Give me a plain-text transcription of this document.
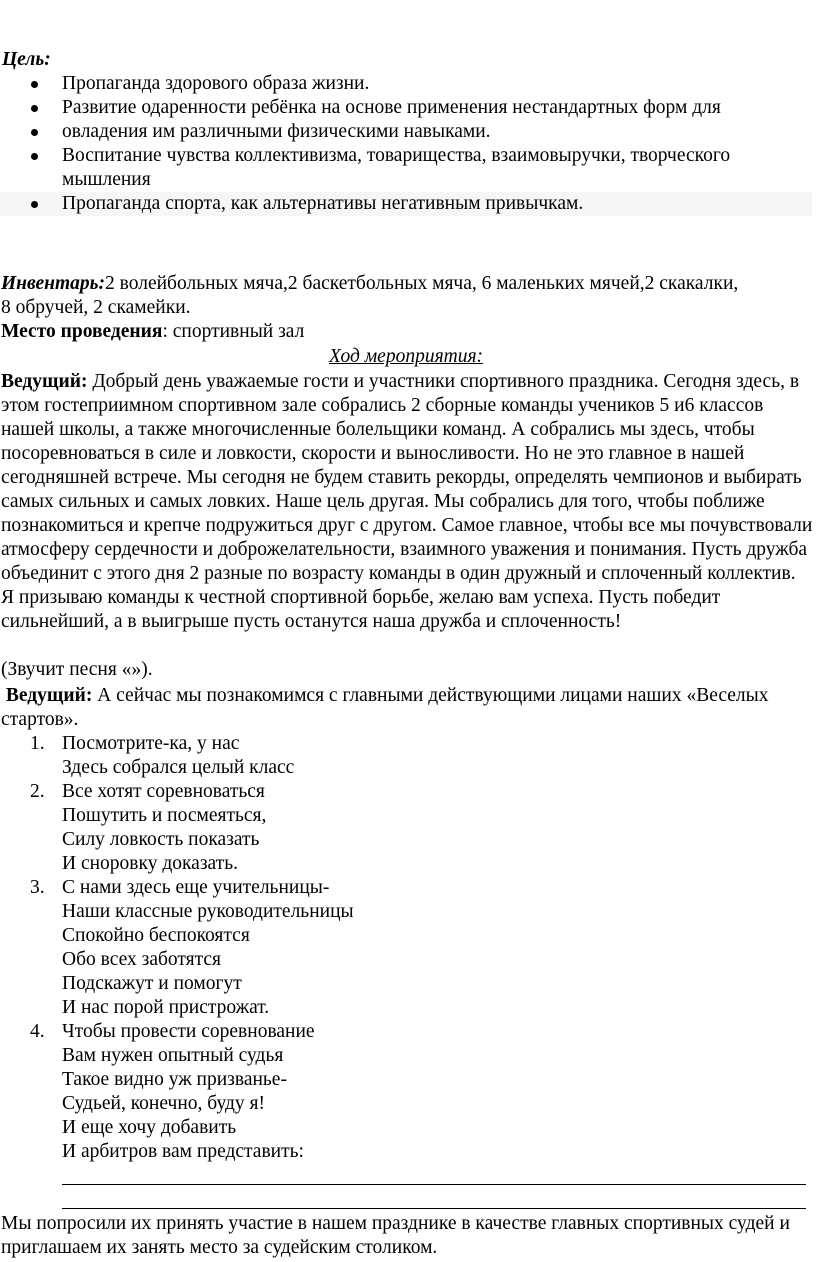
Цель:
Пропаганда здорового образа жизни.
Развитие одаренности ребёнка на основе применения нестандартных форм для
овладения им различными физическими навыками.
Воспитание чувства коллективизма, товарищества, взаимовыручки, творческого мышления
Пропаганда спорта, как альтернативы негативным привычкам.
Инвентарь:2 волейбольных мяча,2 баскетбольных мяча, 6 маленьких мячей,2 скакалки,
8 обручей, 2 скамейки.
Место проведения: спортивный зал
Ход мероприятия:
Ведущий: Добрый день уважаемые гости и участники спортивного праздника. Сегодня здесь, в этом гостеприимном спортивном зале собрались 2 сборные команды учеников 5 и6 классов нашей школы, а также многочисленные болельщики команд. А собрались мы здесь, чтобы посоревноваться в силе и ловкости, скорости и выносливости. Но не это главное в нашей сегодняшней встрече. Мы сегодня не будем ставить рекорды, определять чемпионов и выбирать самых сильных и самых ловких. Наше цель другая. Мы собрались для того, чтобы поближе познакомиться и крепче подружиться друг с другом. Самое главное, чтобы все мы почувствовали атмосферу сердечности и доброжелательности, взаимного уважения и понимания. Пусть дружба объединит с этого дня 2 разные по возрасту команды в один дружный и сплоченный коллектив. Я призываю команды к честной спортивной борьбе, желаю вам успеха. Пусть победит сильнейший, а в выигрыше пусть останутся наша дружба и сплоченность!
(Звучит песня «»).
Ведущий: А сейчас мы познакомимся с главными действующими лицами наших «Веселых стартов».
1. Посмотрите-ка, у нас
Здесь собрался целый класс
2. Все хотят соревноваться
Пошутить и посмеяться,
Силу ловкость показать
И сноровку доказать.
3. С нами здесь еще учительницы-
Наши классные руководительницы
Спокойно беспокоятся
Обо всех заботятся
Подскажут и помогут
И нас порой пристрожат.
4. Чтобы провести соревнование
Вам нужен опытный судья
Такое видно уж призванье-
Судьей, конечно, буду я!
И еще хочу добавить
И арбитров вам представить:
Мы попросили их принять участие в нашем празднике в качестве главных спортивных судей и приглашаем их занять место за судейским столиком.
